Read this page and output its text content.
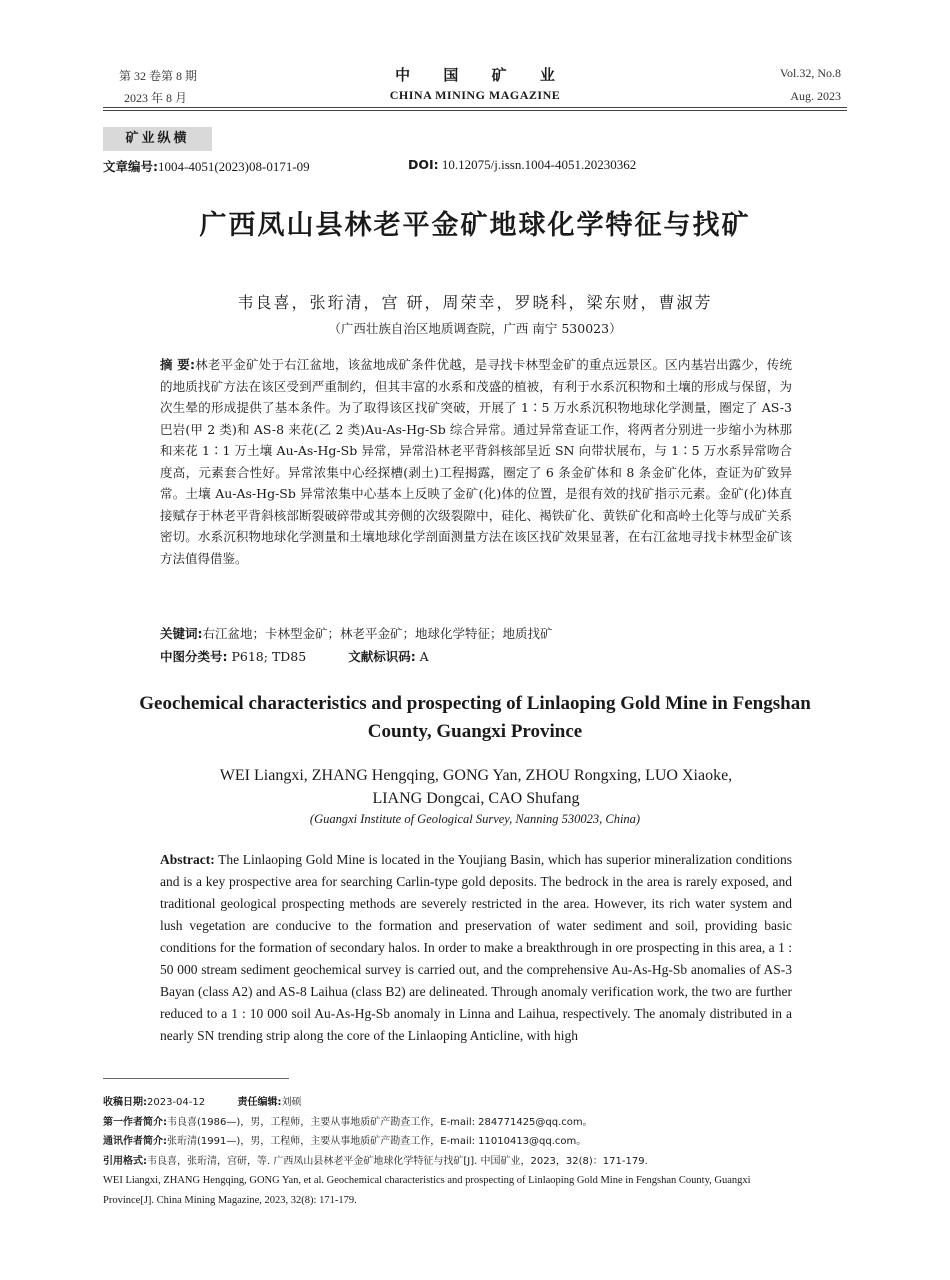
第 32 卷第 8 期
2023 年 8 月
中 国 矿 业
CHINA MINING MAGAZINE
Vol.32, No.8
Aug. 2023
矿业纵横
文章编号:1004-4051(2023)08-0171-09	DOI: 10.12075/j.issn.1004-4051.20230362
广西凤山县林老平金矿地球化学特征与找矿
韦良喜，张珩清，宫 研，周荣幸，罗晓科，梁东财，曹淑芳
（广西壮族自治区地质调查院，广西 南宁 530023）
摘 要:林老平金矿处于右江盆地，该盆地成矿条件优越，是寻找卡林型金矿的重点远景区。区内基岩出露少，传统的地质找矿方法在该区受到严重制约，但其丰富的水系和茂盛的植被，有利于水系沉积物和土壤的形成与保留，为次生晕的形成提供了基本条件。为了取得该区找矿突破，开展了 1∶5 万水系沉积物地球化学测量，圈定了 AS-3 巴岩(甲 2 类)和 AS-8 来花(乙 2 类)Au-As-Hg-Sb 综合异常。通过异常查证工作，将两者分别进一步缩小为林那和来花 1∶1 万土壤 Au-As-Hg-Sb 异常，异常沿林老平背斜核部呈近 SN 向带状展布，与 1∶5 万水系异常吻合度高，元素套合性好。异常浓集中心经探槽(剥土)工程揭露，圈定了 6 条金矿体和 8 条金矿化体，查证为矿致异常。土壤 Au-As-Hg-Sb 异常浓集中心基本上反映了金矿(化)体的位置，是很有效的找矿指示元素。金矿(化)体直接赋存于林老平背斜核部断裂破碎带或其旁侧的次级裂隙中，硅化、褐铁矿化、黄铁矿化和高岭土化等与成矿关系密切。水系沉积物地球化学测量和土壤地球化学剖面测量方法在该区找矿效果显著，在右江盆地寻找卡林型金矿该方法值得借鉴。
关键词:右江盆地；卡林型金矿；林老平金矿；地球化学特征；地质找矿
中图分类号: P618; TD85	文献标识码: A
Geochemical characteristics and prospecting of Linlaoping Gold Mine in Fengshan County, Guangxi Province
WEI Liangxi, ZHANG Hengqing, GONG Yan, ZHOU Rongxing, LUO Xiaoke,
LIANG Dongcai, CAO Shufang
(Guangxi Institute of Geological Survey, Nanning 530023, China)
Abstract: The Linlaoping Gold Mine is located in the Youjiang Basin, which has superior mineralization conditions and is a key prospective area for searching Carlin-type gold deposits. The bedrock in the area is rarely exposed, and traditional geological prospecting methods are severely restricted in the area. However, its rich water system and lush vegetation are conducive to the formation and preservation of water sediment and soil, providing basic conditions for the formation of secondary halos. In order to make a breakthrough in ore prospecting in this area, a 1 : 50 000 stream sediment geochemical survey is carried out, and the comprehensive Au-As-Hg-Sb anomalies of AS-3 Bayan (class A2) and AS-8 Laihua (class B2) are delineated. Through anomaly verification work, the two are further reduced to a 1 : 10 000 soil Au-As-Hg-Sb anomaly in Linna and Laihua, respectively. The anomaly distributed in a nearly SN trending strip along the core of the Linlaoping Anticline, with high
收稿日期:2023-04-12	责任编辑:刘硕
第一作者简介:韦良喜(1986—)，男，工程师，主要从事地质矿产勘查工作，E-mail: 284771425@qq.com。
通讯作者简介:张珩清(1991—)，男，工程师，主要从事地质矿产勘查工作，E-mail: 11010413@qq.com。
引用格式:韦良喜，张珩清，宫研，等. 广西凤山县林老平金矿地球化学特征与找矿[J]. 中国矿业，2023，32(8)：171-179.
WEI Liangxi, ZHANG Hengqing, GONG Yan, et al. Geochemical characteristics and prospecting of Linlaoping Gold Mine in Fengshan County, Guangxi
Province[J]. China Mining Magazine, 2023, 32(8): 171-179.
